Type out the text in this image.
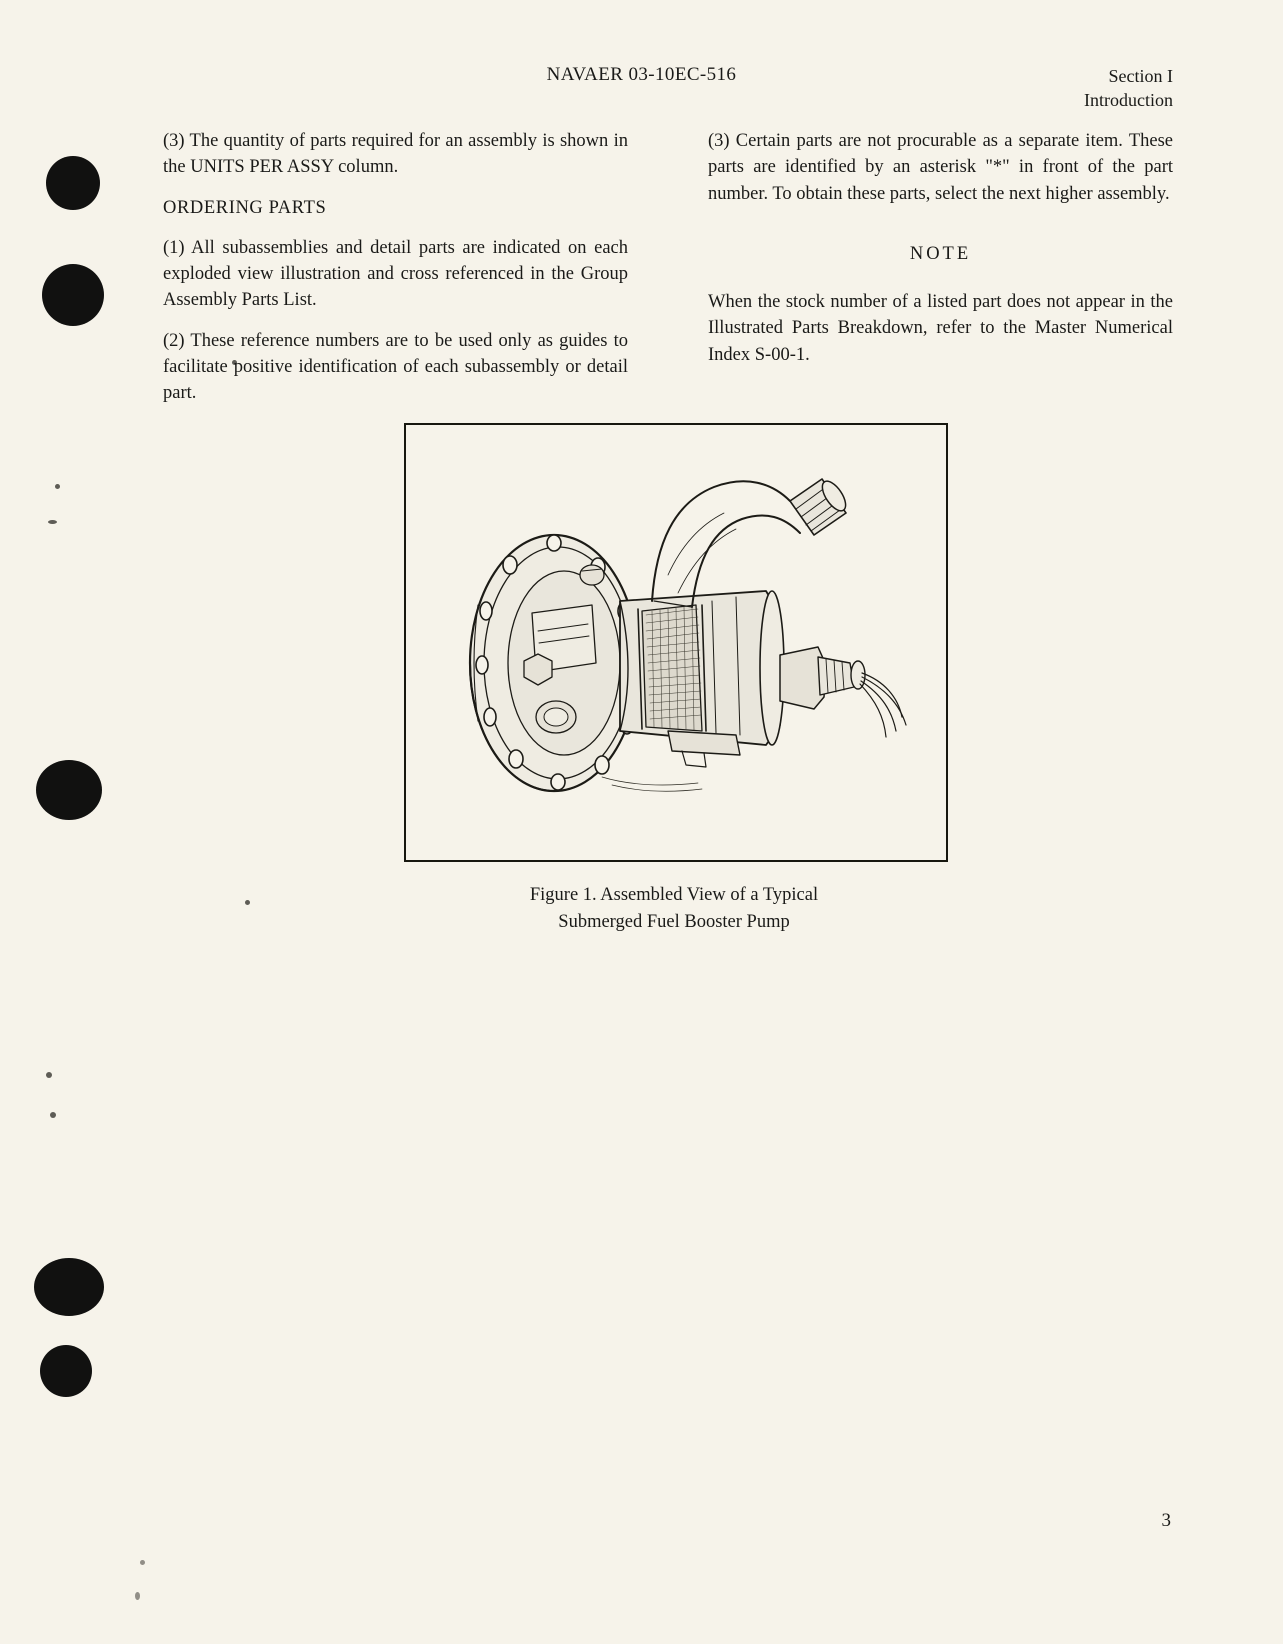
NAVAER 03-10EC-516	Section I
Introduction

(3) The quantity of parts required for an assembly is shown in the UNITS PER ASSY column.

ORDERING PARTS

(1) All subassemblies and detail parts are indicated on each exploded view illustration and cross referenced in the Group Assembly Parts List.

(2) These reference numbers are to be used only as guides to facilitate positive identification of each subassembly or detail part.

(3) Certain parts are not procurable as a separate item. These parts are identified by an asterisk "*" in front of the part number. To obtain these parts, select the next higher assembly.

NOTE

When the stock number of a listed part does not appear in the Illustrated Parts Breakdown, refer to the Master Numerical Index S-00-1.

Figure 1. Assembled View of a Typical
Submerged Fuel Booster Pump
3
